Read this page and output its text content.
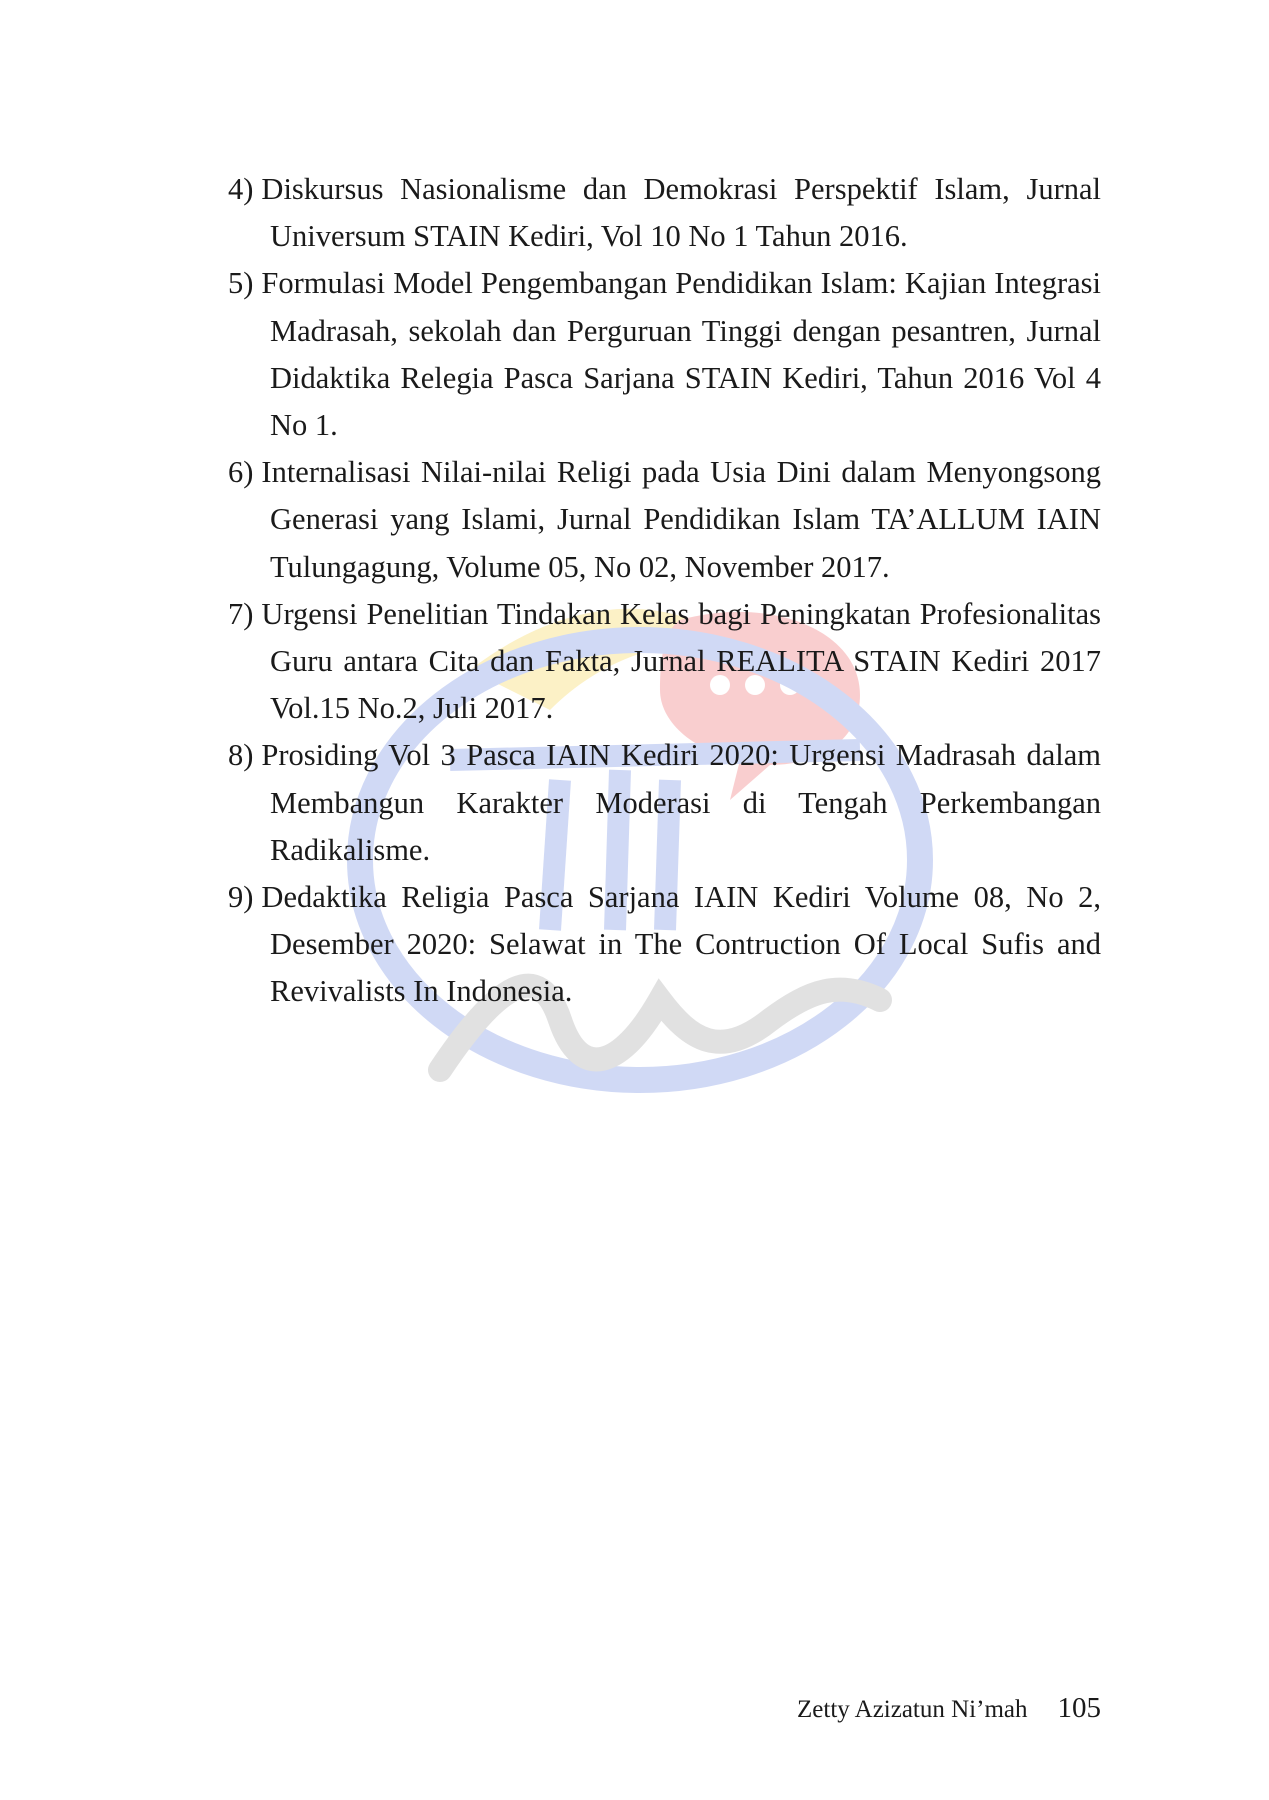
4) Diskursus Nasionalisme dan Demokrasi Perspektif Islam, Jurnal Universum STAIN Kediri, Vol 10 No 1 Tahun 2016.
5) Formulasi Model Pengembangan Pendidikan Islam: Kajian Integrasi Madrasah, sekolah dan Perguruan Tinggi dengan pesantren, Jurnal Didaktika Relegia Pasca Sarjana STAIN Kediri, Tahun 2016 Vol 4 No 1.
6) Internalisasi Nilai-nilai Religi pada Usia Dini dalam Menyongsong Generasi yang Islami, Jurnal Pendidikan Islam TA’ALLUM IAIN Tulungagung, Volume 05, No 02, November 2017.
7) Urgensi Penelitian Tindakan Kelas bagi Peningkatan Profesionalitas Guru antara Cita dan Fakta, Jurnal REALITA STAIN Kediri 2017 Vol.15 No.2, Juli 2017.
8) Prosiding Vol 3 Pasca IAIN Kediri 2020: Urgensi Madrasah dalam Membangun Karakter Moderasi di Tengah Perkembangan Radikalisme.
9) Dedaktika Religia Pasca Sarjana IAIN Kediri Volume 08, No 2, Desember 2020: Selawat in The Contruction Of Local Sufis and Revivalists In Indonesia.
Zetty Azizatun Ni’mah 105
